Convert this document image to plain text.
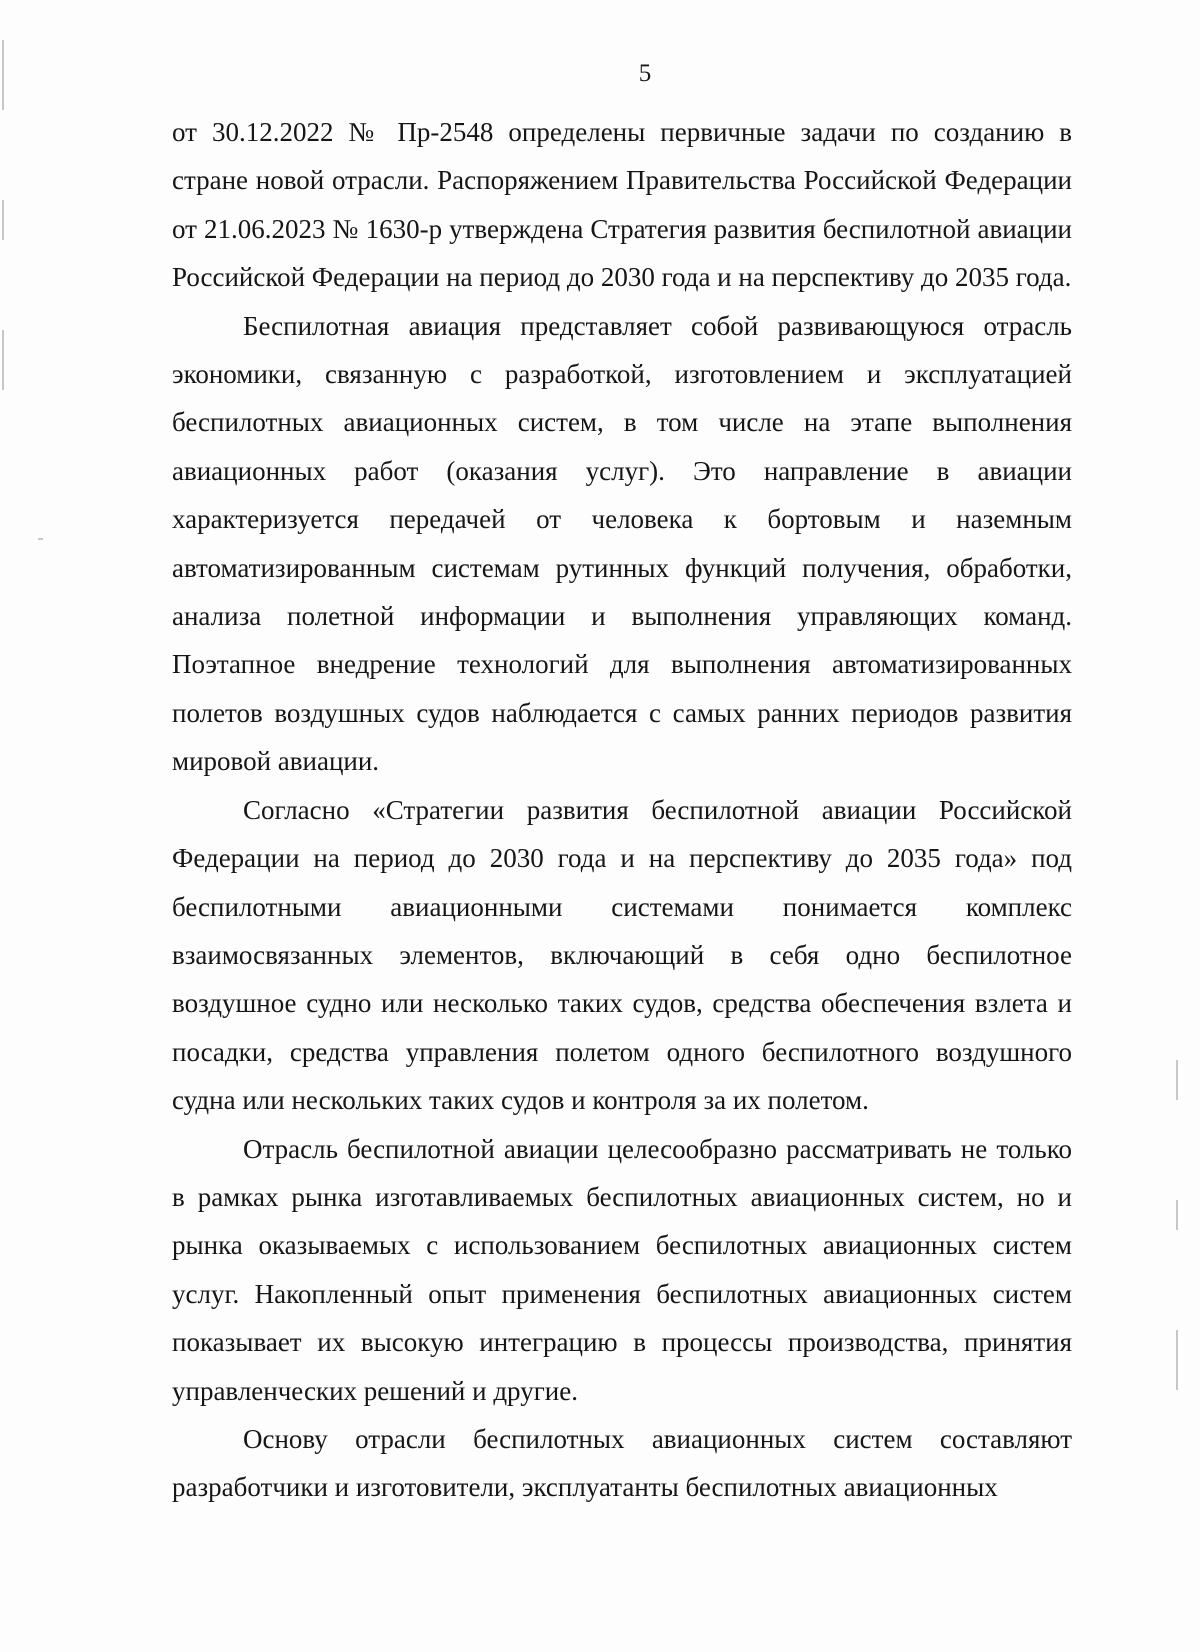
5

от 30.12.2022 № Пр-2548 определены первичные задачи по созданию в стране новой отрасли. Распоряжением Правительства Российской Федерации от 21.06.2023 № 1630-р утверждена Стратегия развития беспилотной авиации Российской Федерации на период до 2030 года и на перспективу до 2035 года.

Беспилотная авиация представляет собой развивающуюся отрасль экономики, связанную с разработкой, изготовлением и эксплуатацией беспилотных авиационных систем, в том числе на этапе выполнения авиационных работ (оказания услуг). Это направление в авиации характеризуется передачей от человека к бортовым и наземным автоматизированным системам рутинных функций получения, обработки, анализа полетной информации и выполнения управляющих команд. Поэтапное внедрение технологий для выполнения автоматизированных полетов воздушных судов наблюдается с самых ранних периодов развития мировой авиации.

Согласно «Стратегии развития беспилотной авиации Российской Федерации на период до 2030 года и на перспективу до 2035 года» под беспилотными авиационными системами понимается комплекс взаимосвязанных элементов, включающий в себя одно беспилотное воздушное судно или несколько таких судов, средства обеспечения взлета и посадки, средства управления полетом одного беспилотного воздушного судна или нескольких таких судов и контроля за их полетом.

Отрасль беспилотной авиации целесообразно рассматривать не только в рамках рынка изготавливаемых беспилотных авиационных систем, но и рынка оказываемых с использованием беспилотных авиационных систем услуг. Накопленный опыт применения беспилотных авиационных систем показывает их высокую интеграцию в процессы производства, принятия управленческих решений и другие.

Основу отрасли беспилотных авиационных систем составляют разработчики и изготовители, эксплуатанты беспилотных авиационных
